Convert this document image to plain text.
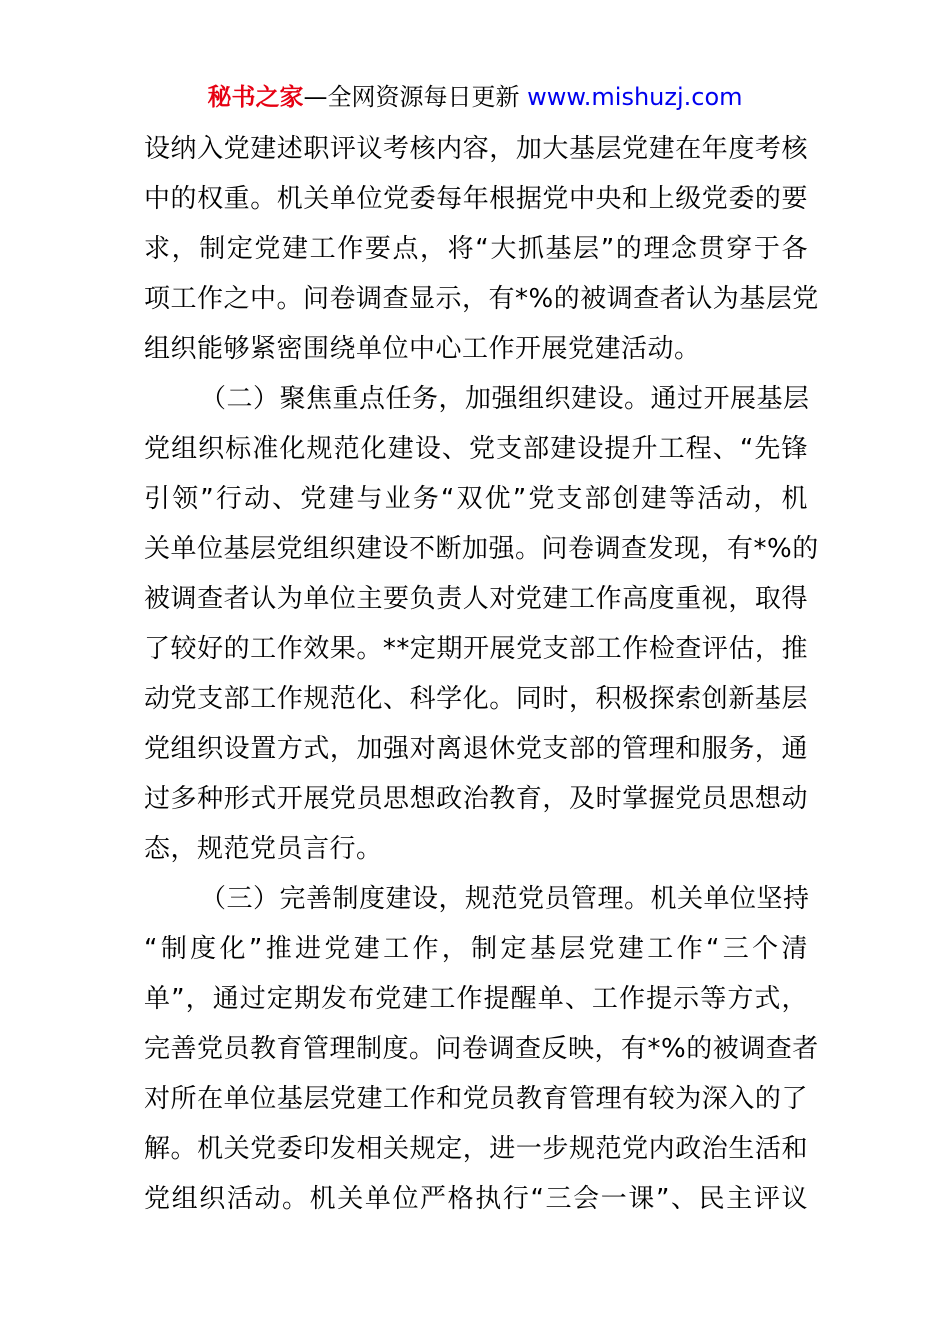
秘书之家—全网资源每日更新 www.mishuzj.com
设纳入党建述职评议考核内容，加大基层党建在年度考核
中的权重。机关单位党委每年根据党中央和上级党委的要
求，制定党建工作要点，将“大抓基层”的理念贯穿于各
项工作之中。问卷调查显示，有*%的被调查者认为基层党
组织能够紧密围绕单位中心工作开展党建活动。
（二）聚焦重点任务，加强组织建设。通过开展基层
党组织标准化规范化建设、党支部建设提升工程、“先锋
引领”行动、党建与业务“双优”党支部创建等活动，机
关单位基层党组织建设不断加强。问卷调查发现，有*%的
被调查者认为单位主要负责人对党建工作高度重视，取得
了较好的工作效果。**定期开展党支部工作检查评估，推
动党支部工作规范化、科学化。同时，积极探索创新基层
党组织设置方式，加强对离退休党支部的管理和服务，通
过多种形式开展党员思想政治教育，及时掌握党员思想动
态，规范党员言行。
（三）完善制度建设，规范党员管理。机关单位坚持
“制度化”推进党建工作，制定基层党建工作“三个清
单”，通过定期发布党建工作提醒单、工作提示等方式，
完善党员教育管理制度。问卷调查反映，有*%的被调查者
对所在单位基层党建工作和党员教育管理有较为深入的了
解。机关党委印发相关规定，进一步规范党内政治生活和
党组织活动。机关单位严格执行“三会一课”、民主评议
